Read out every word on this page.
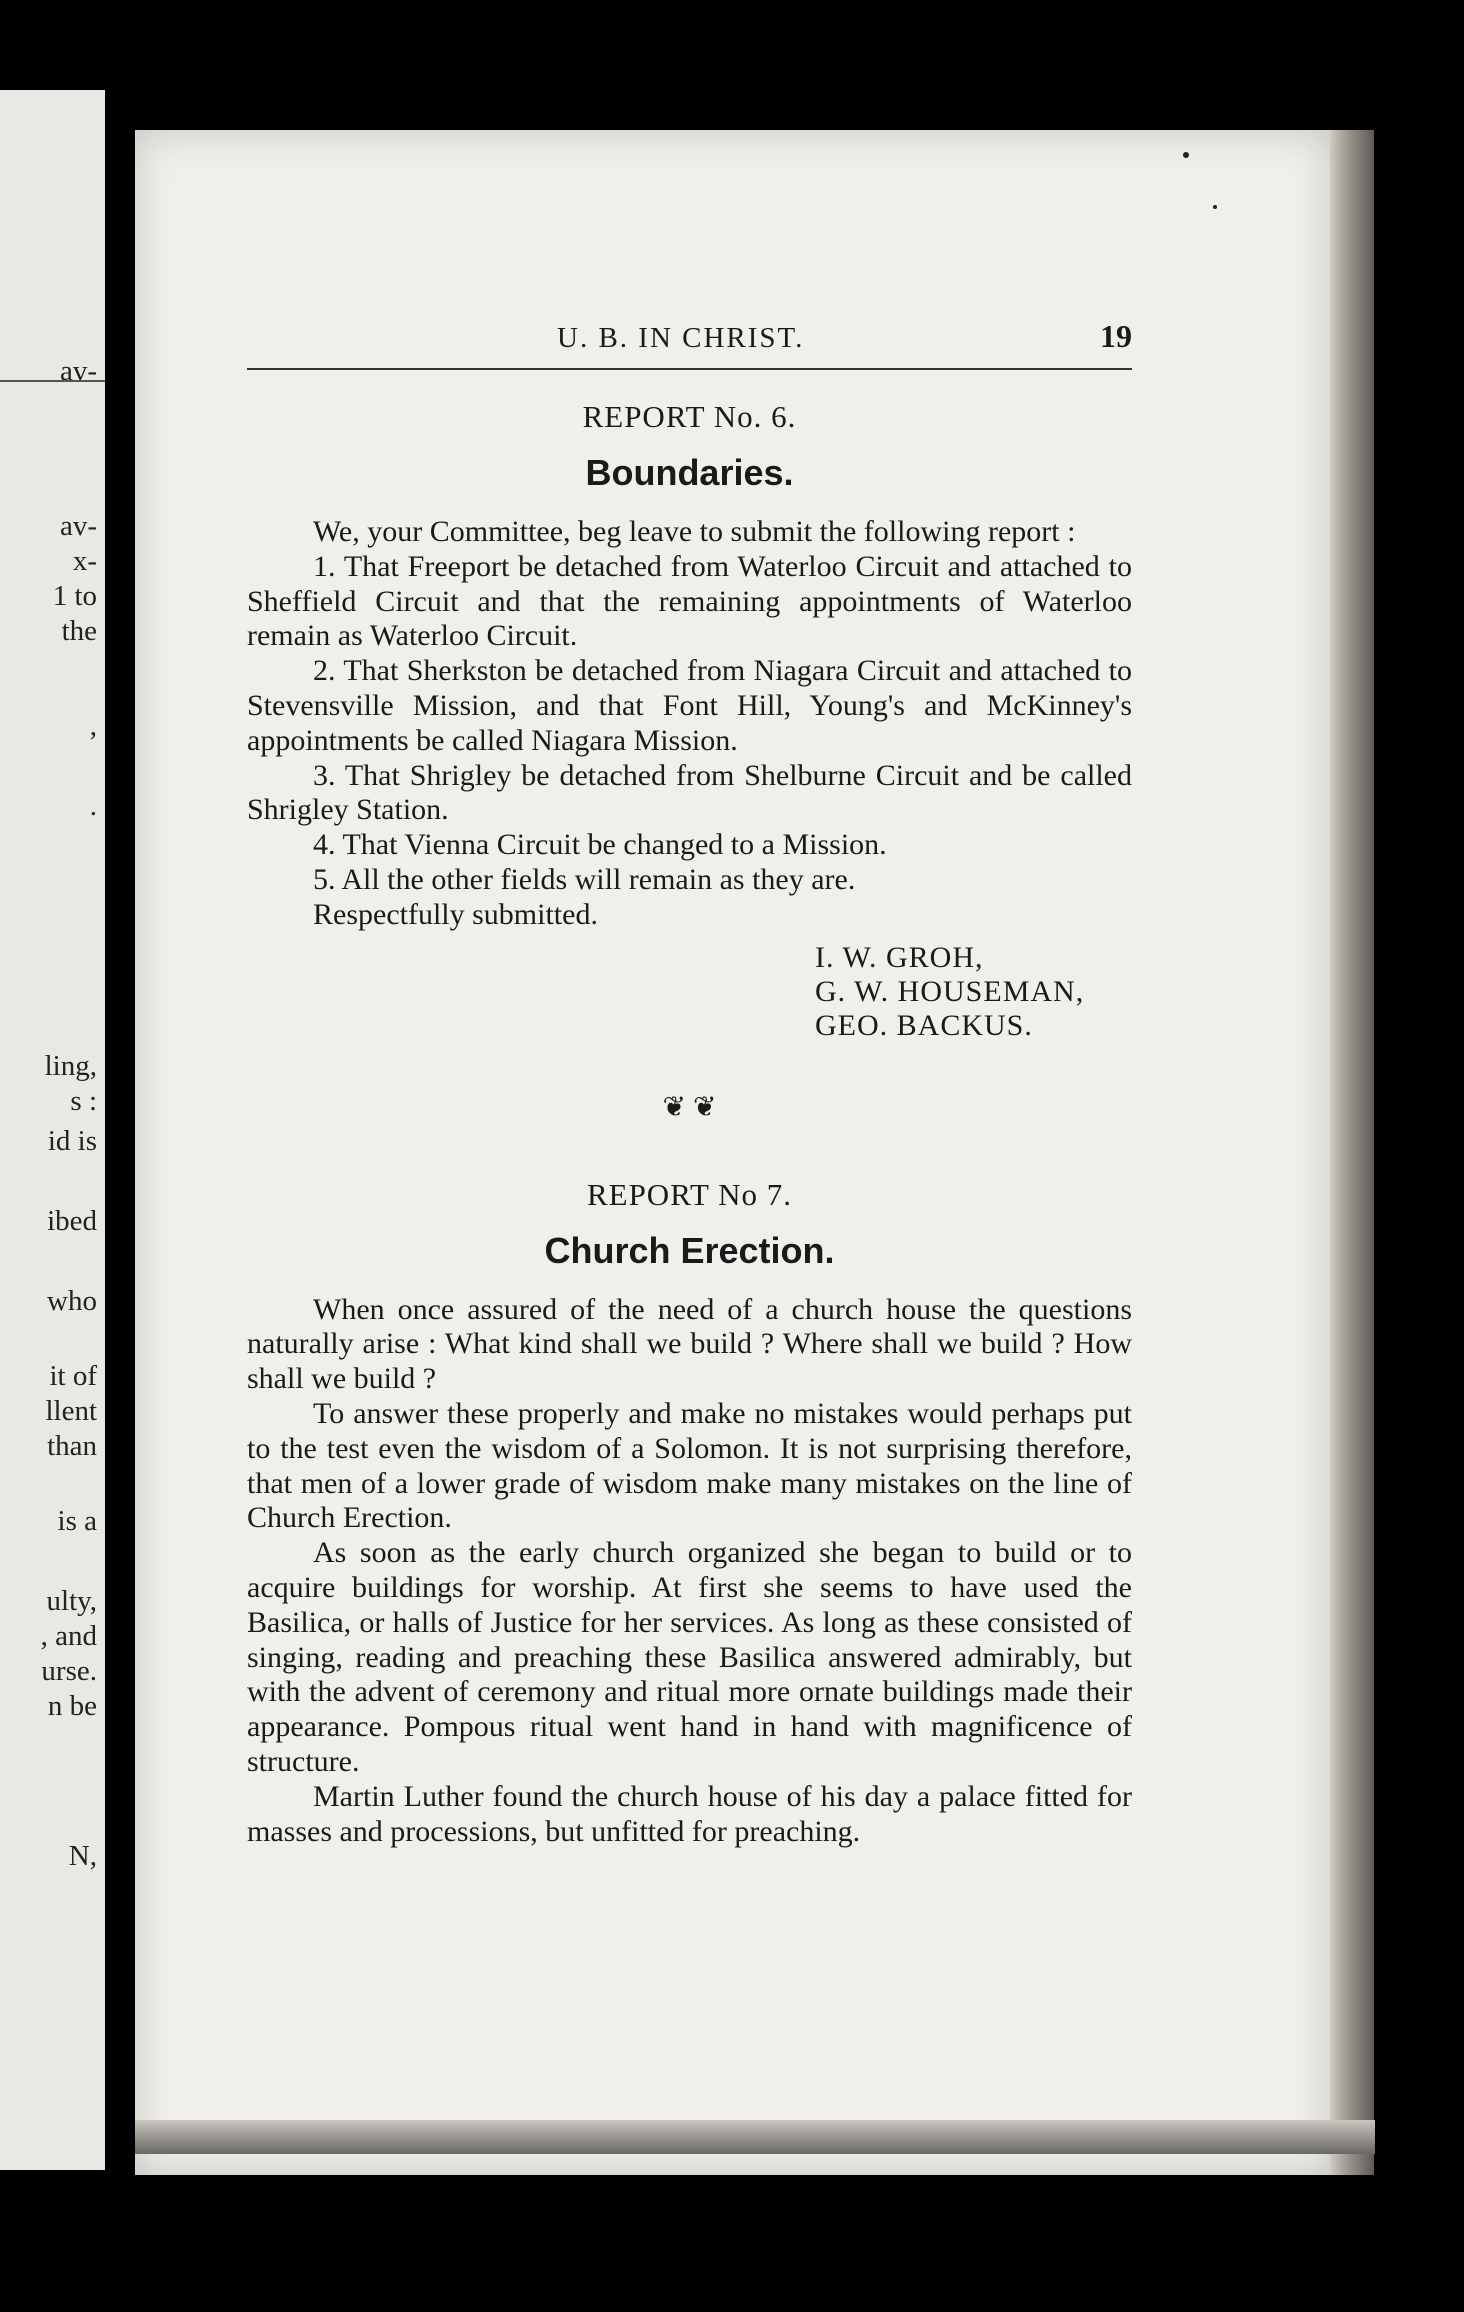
av-
av-
x-
1 to
the
,
.
ling,
s :
id is
ibed
who
it of
llent
than
is a
ulty,
, and
urse.
n be
N,
U. B. IN CHRIST.	19

REPORT No. 6.

Boundaries.

We, your Committee, beg leave to submit the following report :

1. That Freeport be detached from Waterloo Circuit and attached to Sheffield Circuit and that the remaining appointments of Waterloo remain as Waterloo Circuit.

2. That Sherkston be detached from Niagara Circuit and attached to Stevensville Mission, and that Font Hill, Young's and McKinney's appointments be called Niagara Mission.

3. That Shrigley be detached from Shelburne Circuit and be called Shrigley Station.

4. That Vienna Circuit be changed to a Mission.

5. All the other fields will remain as they are.

Respectfully submitted.

I. W. GROH,
G. W. HOUSEMAN,
GEO. BACKUS.
❦ ❦

REPORT No 7.

Church Erection.

When once assured of the need of a church house the questions naturally arise : What kind shall we build ? Where shall we build ? How shall we build ?

To answer these properly and make no mistakes would perhaps put to the test even the wisdom of a Solomon. It is not surprising therefore, that men of a lower grade of wisdom make many mistakes on the line of Church Erection.

As soon as the early church organized she began to build or to acquire buildings for worship. At first she seems to have used the Basilica, or halls of Justice for her services. As long as these consisted of singing, reading and preaching these Basilica answered admirably, but with the advent of ceremony and ritual more ornate buildings made their appearance. Pompous ritual went hand in hand with magnificence of structure.

Martin Luther found the church house of his day a palace fitted for masses and processions, but unfitted for preaching.
